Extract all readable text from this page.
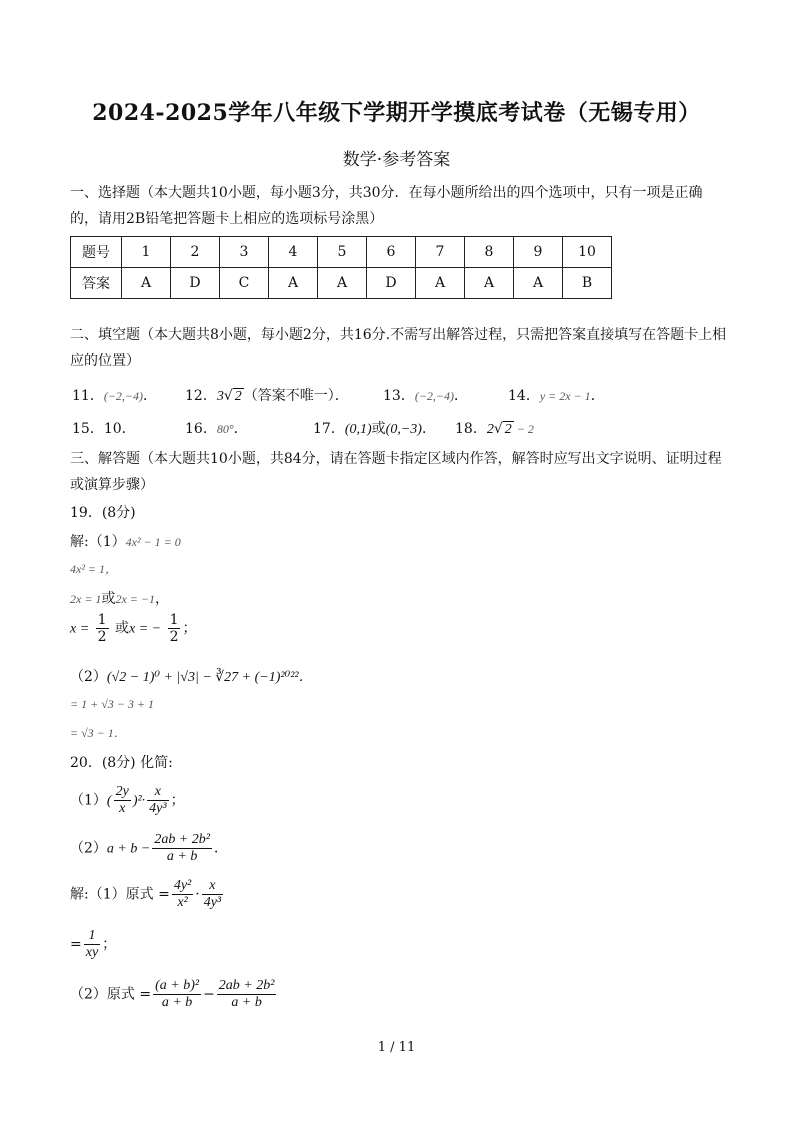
2024-2025学年八年级下学期开学摸底考试卷（无锡专用）
数学·参考答案
一、选择题（本大题共10小题，每小题3分，共30分．在每小题所给出的四个选项中，只有一项是正确的，请用2B铅笔把答题卡上相应的选项标号涂黑）
题号	1	2	3	4	5	6	7	8	9	10
答案	A	D	C	A	A	D	A	A	A	B
二、填空题（本大题共8小题，每小题2分，共16分.不需写出解答过程，只需把答案直接填写在答题卡上相应的位置）
11．(−2,−4)． 12．3√ 2 （答案不唯一）． 13．(−2,−4)．	14．y = 2x − 1．
15．10．	16．80°．	17．(0,1)或(0,−3)． 18．2√ 2 − 2
三、解答题（本大题共10小题，共84分，请在答题卡指定区域内作答，解答时应写出文字说明、证明过程或演算步骤）
19．(8分)
解:（1）4x² − 1 = 0
4x² = 1，
2x = 1或2x = −1，
$x = \frac{1}{2}$ 或x = − $\frac{1}{2}$ ；
（2）(√2 − 1)⁰ + |√3| − ∛27 + (−1)²⁰²²．
= 1 + √3 − 3 + 1
= √3 − 1．
20．(8分) 化简:
$(1)( \frac{2y}{x} )^2\cdot \frac{x}{\text{4y³}}$ ；
$(2)a + b - \frac{\text{2ab + 2b²}}{a + b}$ ．
解:（1）原式 = $\frac{\text{4y²}}{\text{x²}} \cdot \frac{x}{\text{4y³}}$
= $\frac{1}{xy}$ ；
（2）原式 = $\frac{\text{(a + b)²}}{a + b} - \frac{\text{2ab + 2b²}}{a + b}$
1 / 11
